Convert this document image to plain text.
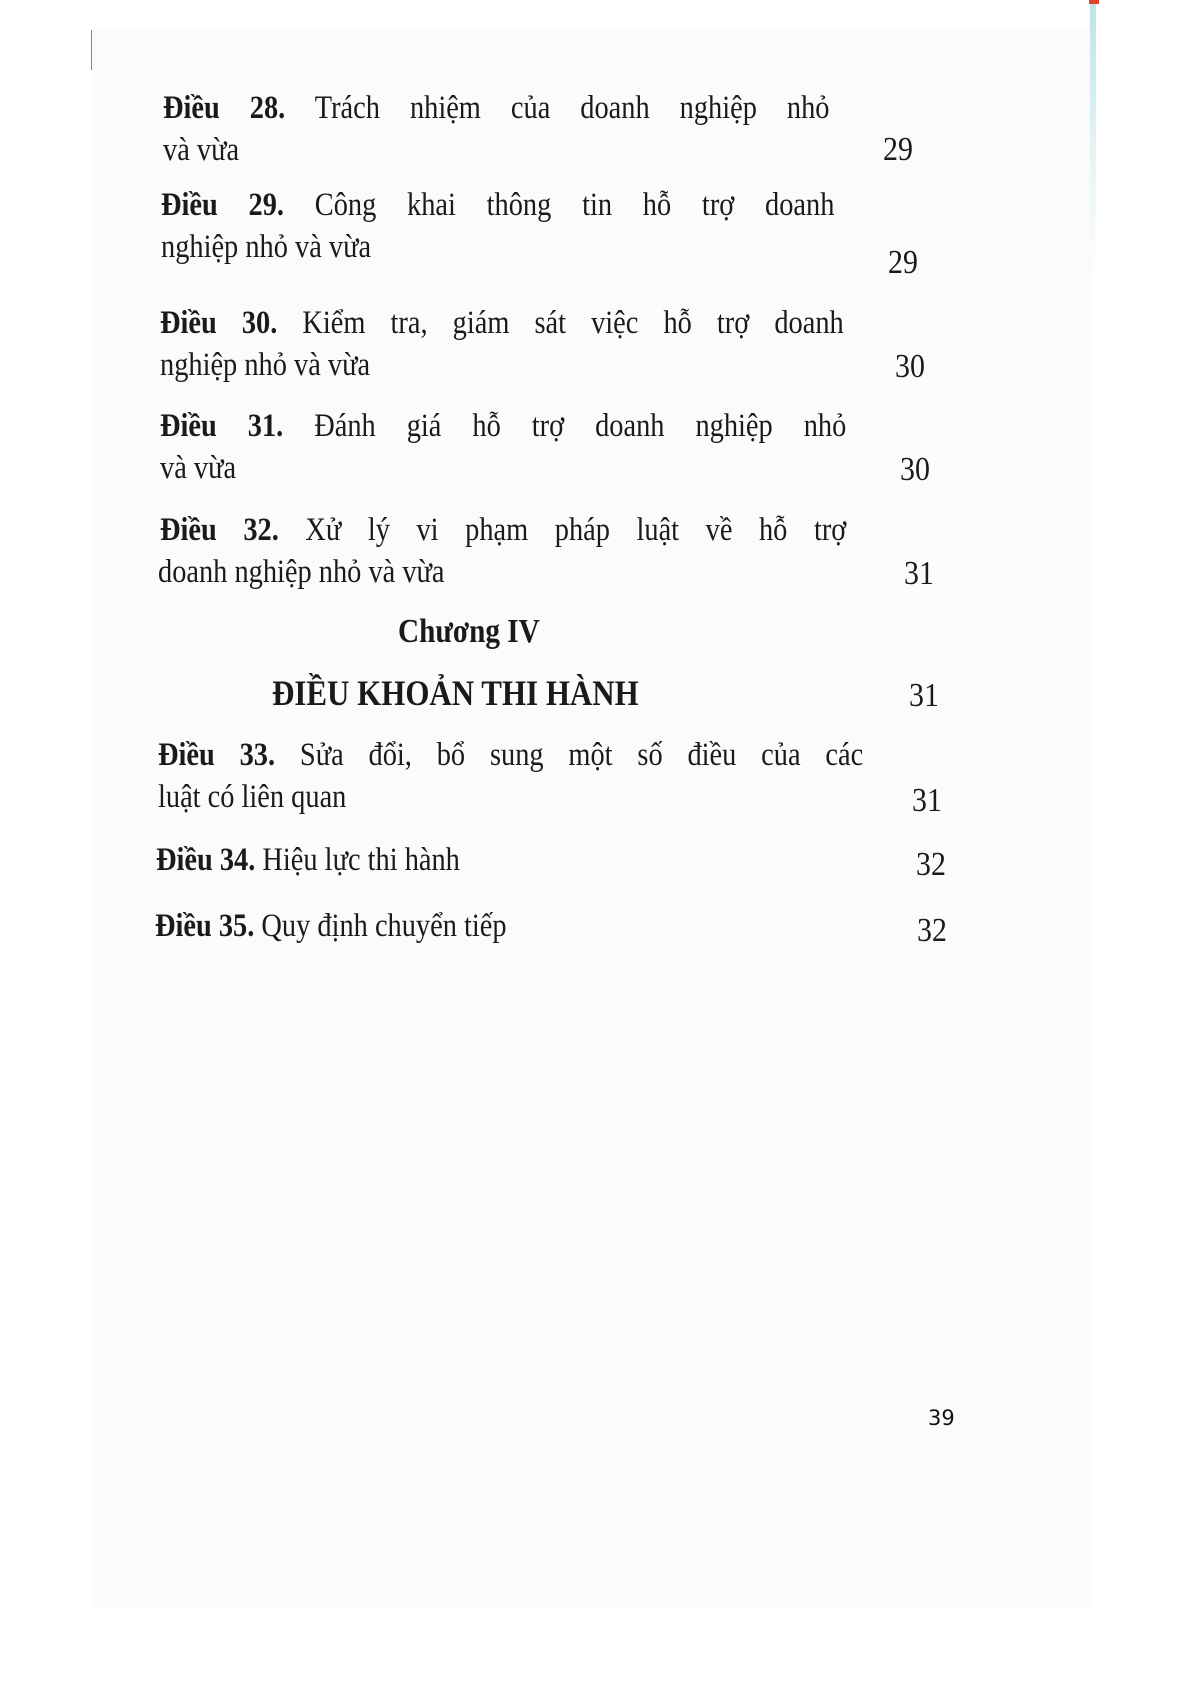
Điều 28. Trách nhiệm của doanh nghiệp nhỏ
và vừa	29
Điều 29. Công khai thông tin hỗ trợ doanh
nghiệp nhỏ và vừa	29
Điều 30. Kiểm tra, giám sát việc hỗ trợ doanh
nghiệp nhỏ và vừa	30
Điều 31. Đánh giá hỗ trợ doanh nghiệp nhỏ
và vừa	30
Điều 32. Xử lý vi phạm pháp luật về hỗ trợ
doanh nghiệp nhỏ và vừa	31
Chương IV
ĐIỀU KHOẢN THI HÀNH	31
Điều 33. Sửa đổi, bổ sung một số điều của các
luật có liên quan	31
Điều 34. Hiệu lực thi hành	32
Điều 35. Quy định chuyển tiếp	32
39
